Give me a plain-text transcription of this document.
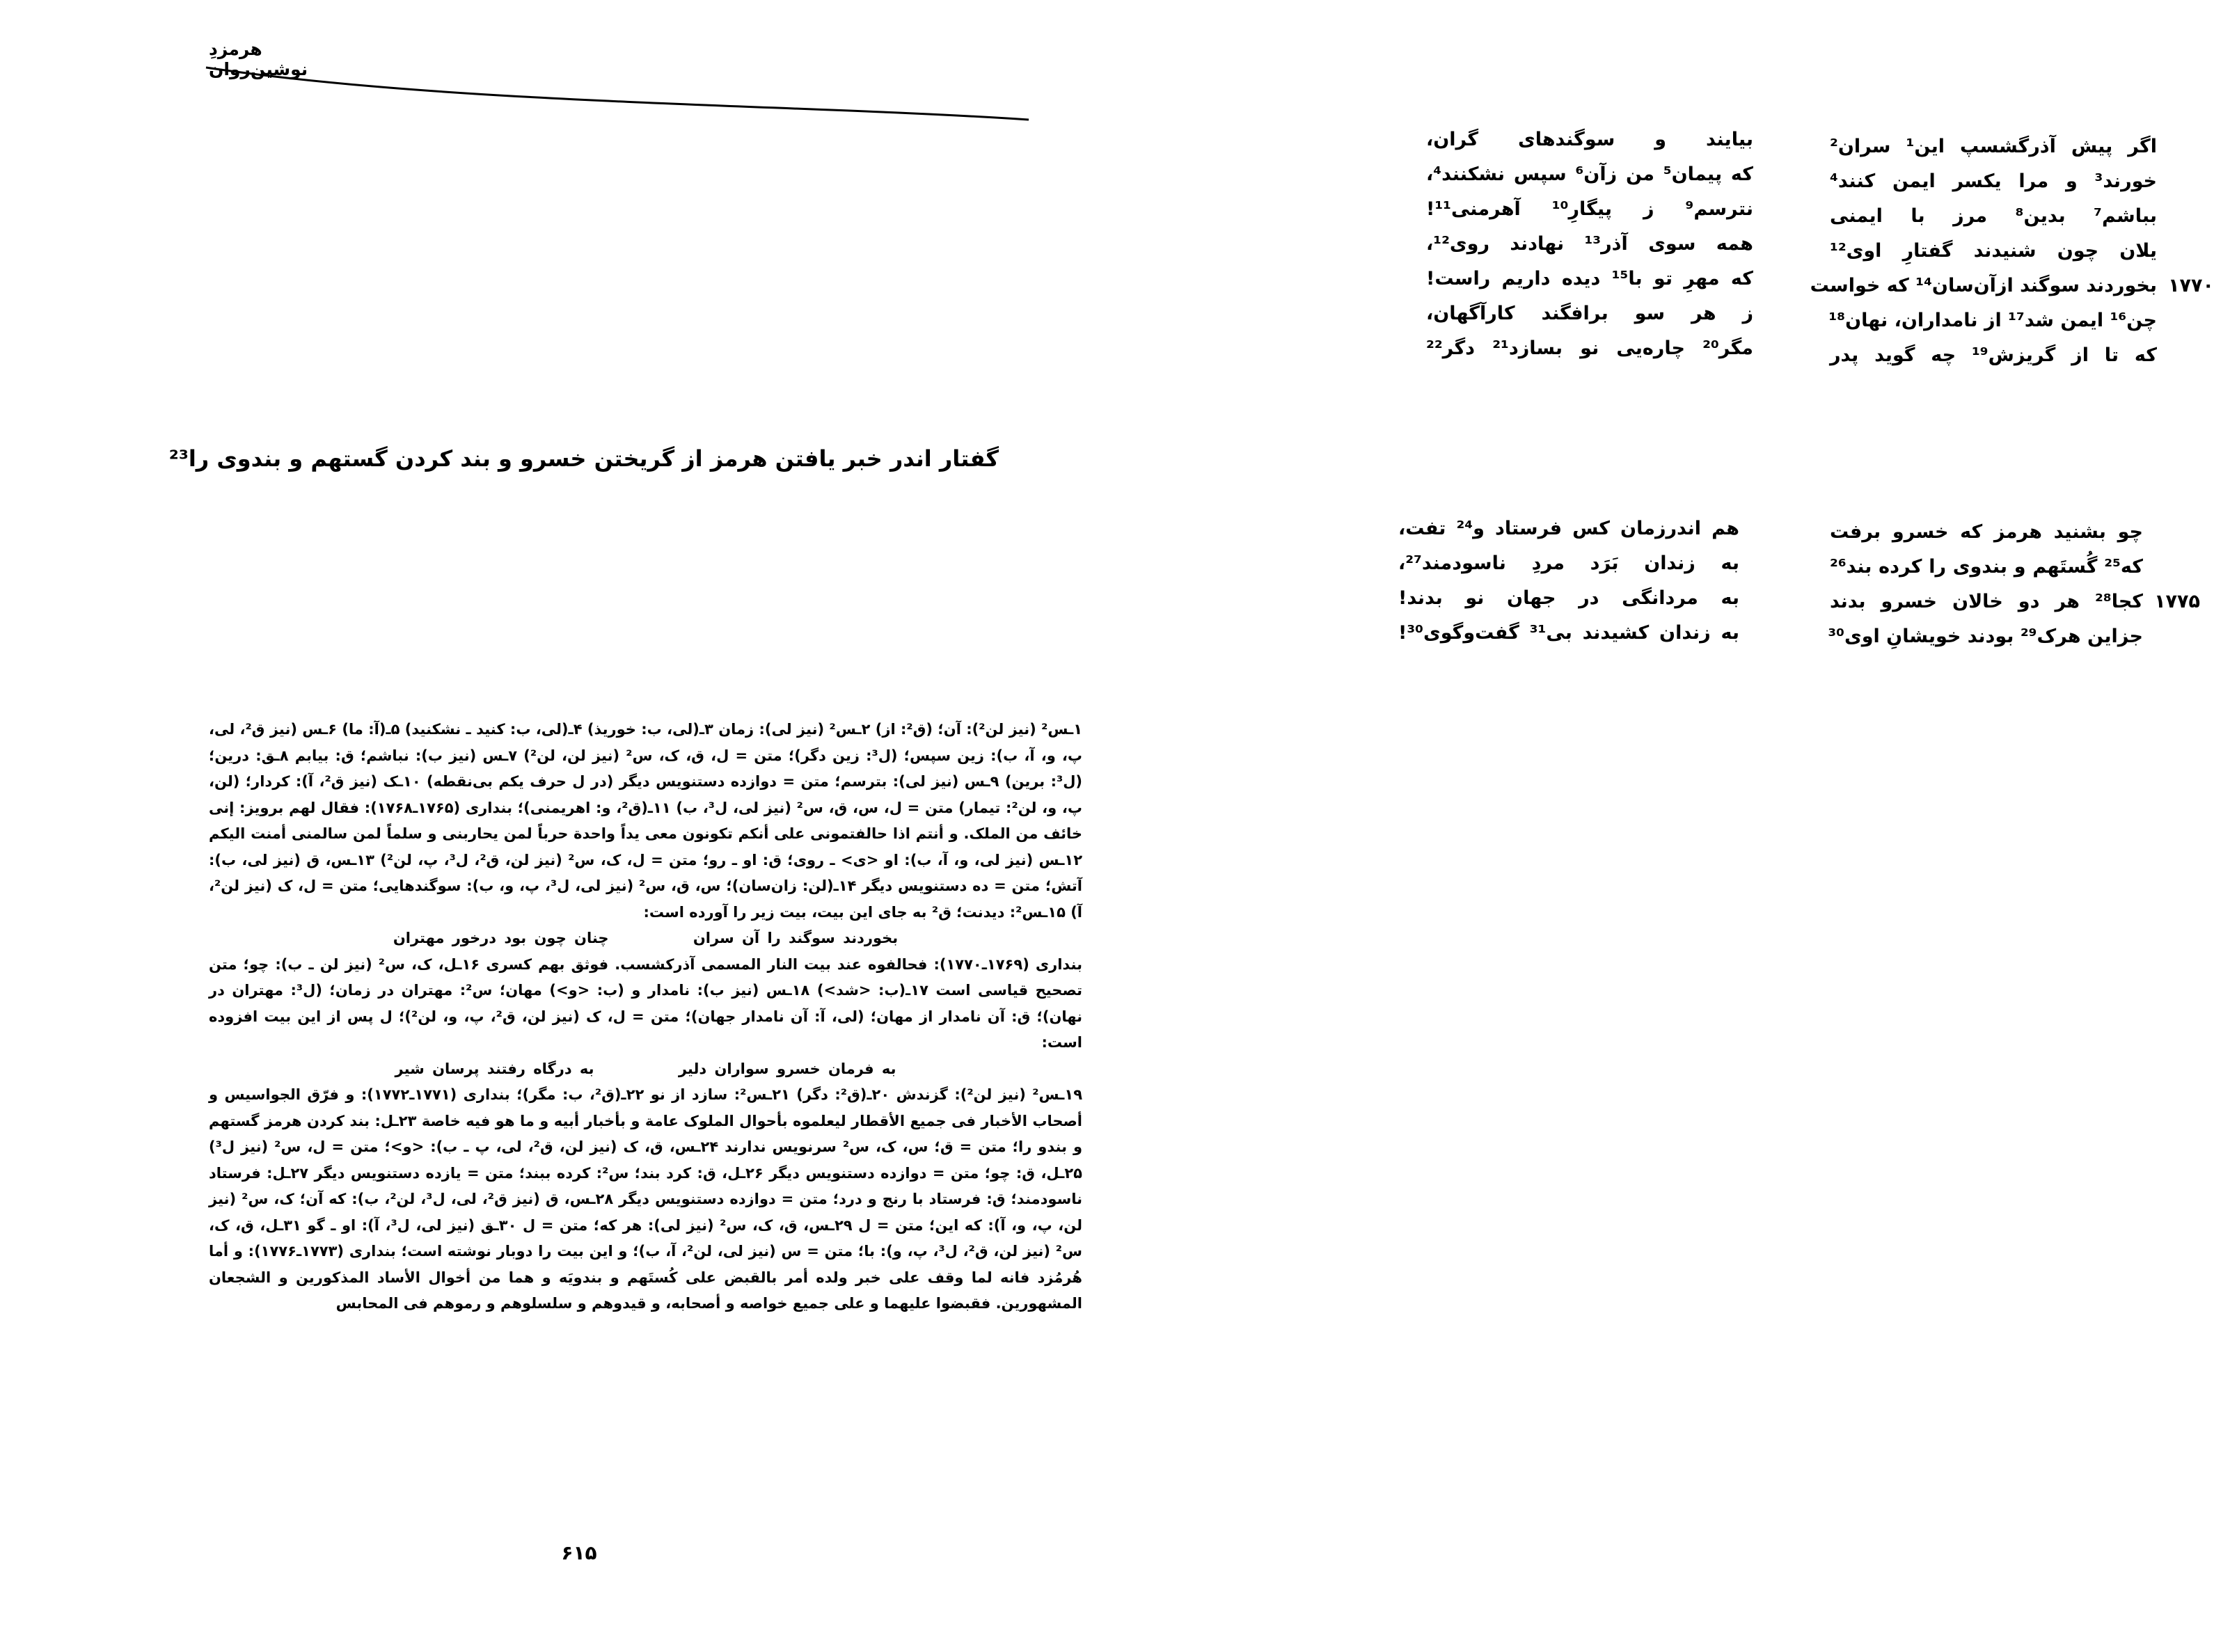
هرمزدِ نوشین‌روان
اگر پیش آذرگشسپ این¹ سران²
خورند³ و مرا یکسر ایمن کنند⁴
بباشم⁷ بدین⁸ مرز با ایمنی
یلان چون شنیدند گفتارِ اوی¹²
۱۷۷۰
بخوردند سوگند ازآن‌سان¹⁴ که خواست
چن¹⁶ ایمن شد¹⁷ از نامداران، نهان¹⁸
که تا از گریزش¹⁹ چه گوید پدر
بیایند و سوگندهای گران،
که پیمان⁵ من زآن⁶ سپس نشکنند⁴،
نترسم⁹ ز پیگارِ¹⁰ آهرمنی¹¹!
همه سوی آذر¹³ نهادند روی¹²،
که مهرِ تو با¹⁵ دیده داریم راست!
ز هر سو برافگند کارآگهان،
مگر²⁰ چاره‌یی نو بسازد²¹ دگر²²
گفتار اندر خبر یافتن هرمز از گریختن خسرو و بند کردن گستهم و بندوی را²³
چو بشنید هرمز که خسرو برفت
که²⁵ گُستَهم و بندوی را کرده بند²⁶
۱۷۷۵
کجا²⁸ هر دو خالان خسرو بدند
جزاین هرک²⁹ بودند خویشانِ اوی³⁰
هم اندرزمان کس فرستاد و²⁴ تفت،
به زندان بَرَد مردِ ناسودمند²⁷،
به مردانگی در جهان نو بدند!
به زندان کشیدند بی³¹ گفت‌وگوی³⁰!

۱ـس² (نیز لن²): آن؛ (ق²: از) ۲ـس² (نیز لی): زمان ۳ـ(لی، ب: خوریذ) ۴ـ(لی، ب: کنید ـ نشکنید) ۵ـ(آ: ما) ۶ـس (نیز ق²، لی، پ، و، آ، ب): زین سپس؛ (ل³: زین دگر)؛ متن = ل، ق، ک، س² (نیز لن، لن²) ۷ـس (نیز ب): نباشم؛ ق: بیابم ۸ـق: درین؛ (ل³: برین) ۹ـس (نیز لی): بترسم؛ متن = دوازده دستنویس دیگر (در ل حرف یکم بی‌نقطه) ۱۰ـک (نیز ق²، آ): کردار؛ (لن، پ، و، لن²: تیمار) متن = ل، س، ق، س² (نیز لی، ل³، ب) ۱۱ـ(ق²، و: اهریمنی)؛ بنداری (۱۷۶۵ـ۱۷۶۸): فقال لهم برویز: إنی خائف من الملک. و أنتم اذا حالفتمونی علی أنکم تکونون معی یداً واحدة حرباً لمن یحاربنی و سلماً لمن سالمنی أمنت الیکم ۱۲ـس (نیز لی، و، آ، ب): او <ی> ـ روی؛ ق: او ـ رو؛ متن = ل، ک، س² (نیز لن، ق²، ل³، پ، لن²) ۱۳ـس، ق (نیز لی، ب): آتش؛ متن = ده دستنویس دیگر ۱۴ـ(لن: زان‌سان)؛ س، ق، س² (نیز لی، ل³، پ، و، ب): سوگندهایی؛ متن = ل، ک (نیز لن²، آ) ۱۵ـس²: دیدنت؛ ق² به جای این بیت، بیت زیر را آورده است:

بخوردند سوگند را آن سران چنان چون بود درخور مهتران

بنداری (۱۷۶۹ـ۱۷۷۰): فحالفوه عند بیت النار المسمی آذرکشسب. فوثق بهم کسری ۱۶ـل، ک، س² (نیز لن ـ ب): چو؛ متن تصحیح قیاسی است ۱۷ـ(ب: <شد>) ۱۸ـس (نیز ب): نامدار و (ب: <و>) مهان؛ س²: مهتران در زمان؛ (ل³: مهتران در نهان)؛ ق: آن نامدار از مهان؛ (لی، آ: آن نامدار جهان)؛ متن = ل، ک (نیز لن، ق²، پ، و، لن²)؛ ل پس از این بیت افزوده است:

به فرمان خسرو سواران دلیر به درگاه رفتند پرسان شیر

۱۹ـس² (نیز لن²): گزندش ۲۰ـ(ق²: دگر) ۲۱ـس²: سازد از نو ۲۲ـ(ق²، ب: مگر)؛ بنداری (۱۷۷۱ـ۱۷۷۲): و فرّق الجواسیس و أصحاب الأخبار فی جمیع الأقطار لیعلموه بأحوال الملوک عامة و بأخبار أبیه و ما هو فیه خاصة ۲۳ـل: بند کردن هرمز گستهم و بندو را؛ متن = ق؛ س، ک، س² سرنویس ندارند ۲۴ـس، ق، ک (نیز لن، ق²، لی، پ ـ ب): <و>؛ متن = ل، س² (نیز ل³) ۲۵ـل، ق: چو؛ متن = دوازده دستنویس دیگر ۲۶ـل، ق: کرد بند؛ س²: کرده ببند؛ متن = یازده دستنویس دیگر ۲۷ـل: فرستاد ناسودمند؛ ق: فرستاد با رنج و درد؛ متن = دوازده دستنویس دیگر ۲۸ـس، ق (نیز ق²، لی، ل³، لن²، ب): که آن؛ ک، س² (نیز لن، پ، و، آ): که این؛ متن = ل ۲۹ـس، ق، ک، س² (نیز لی): هر که؛ متن = ل ۳۰ـق (نیز لی، ل³، آ): او ـ گو ۳۱ـل، ق، ک، س² (نیز لن، ق²، ل³، پ، و): با؛ متن = س (نیز لی، لن²، آ، ب)؛ و این بیت را دوبار نوشته است؛ بنداری (۱۷۷۳ـ۱۷۷۶): و أما هُرمُزد فانه لما وقف علی خبر ولده أمر بالقبض علی کُستَهم و بندویَه و هما من أخوال الأساد المذکورین و الشجعان المشهورین. فقبضوا علیهما و علی جمیع خواصه و أصحابه، و قیدوهم و سلسلوهم و رموهم فی المحابس

۶۱۵
